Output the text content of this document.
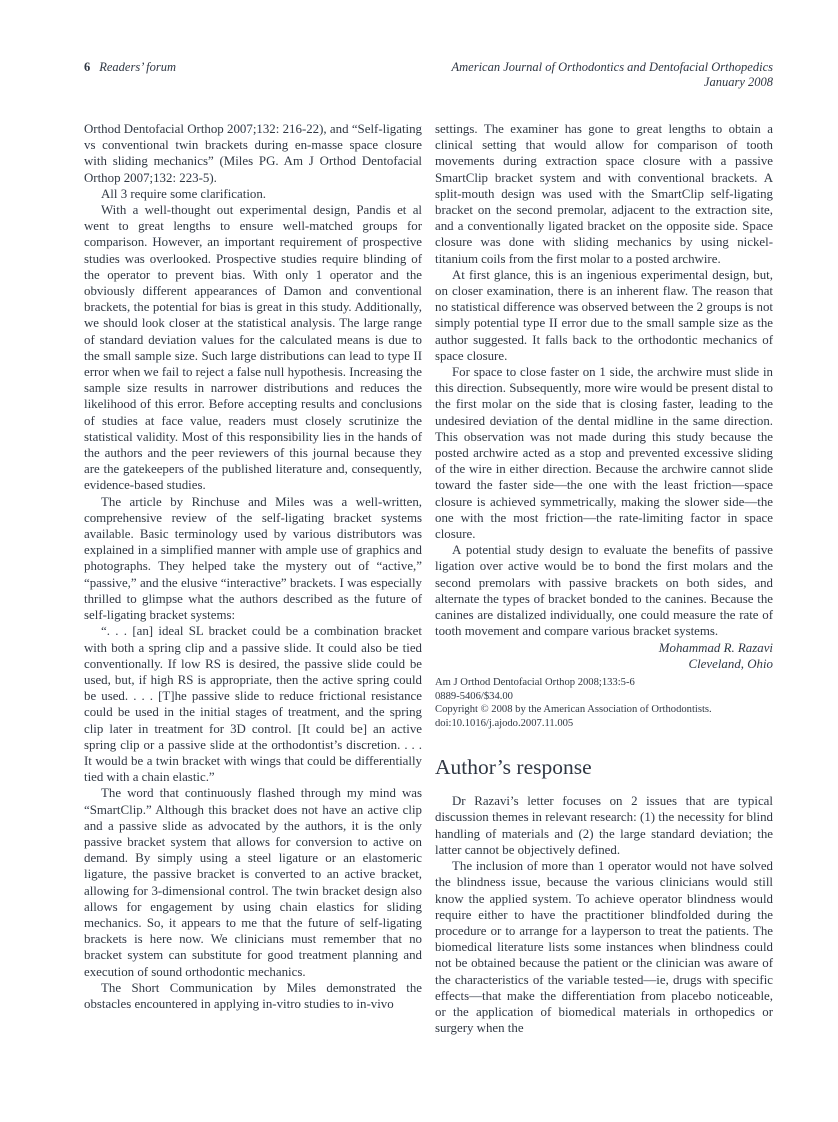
6 Readers’ forum	American Journal of Orthodontics and Dentofacial Orthopedics
January 2008

Orthod Dentofacial Orthop 2007;132: 216-22), and “Self-ligating vs conventional twin brackets during en-masse space closure with sliding mechanics” (Miles PG. Am J Orthod Dentofacial Orthop 2007;132: 223-5).

All 3 require some clarification.

With a well-thought out experimental design, Pandis et al went to great lengths to ensure well-matched groups for comparison. However, an important requirement of prospective studies was overlooked. Prospective studies require blinding of the operator to prevent bias. With only 1 operator and the obviously different appearances of Damon and conventional brackets, the potential for bias is great in this study. Additionally, we should look closer at the statistical analysis. The large range of standard deviation values for the calculated means is due to the small sample size. Such large distributions can lead to type II error when we fail to reject a false null hypothesis. Increasing the sample size results in narrower distributions and reduces the likelihood of this error. Before accepting results and conclusions of studies at face value, readers must closely scrutinize the statistical validity. Most of this responsibility lies in the hands of the authors and the peer reviewers of this journal because they are the gatekeepers of the published literature and, consequently, evidence-based studies.

The article by Rinchuse and Miles was a well-written, comprehensive review of the self-ligating bracket systems available. Basic terminology used by various distributors was explained in a simplified manner with ample use of graphics and photographs. They helped take the mystery out of “active,” “passive,” and the elusive “interactive” brackets. I was especially thrilled to glimpse what the authors described as the future of self-ligating bracket systems:

“. . . [an] ideal SL bracket could be a combination bracket with both a spring clip and a passive slide. It could also be tied conventionally. If low RS is desired, the passive slide could be used, but, if high RS is appropriate, then the active spring could be used. . . . [T]he passive slide to reduce frictional resistance could be used in the initial stages of treatment, and the spring clip later in treatment for 3D control. [It could be] an active spring clip or a passive slide at the orthodontist’s discretion. . . . It would be a twin bracket with wings that could be differentially tied with a chain elastic.”

The word that continuously flashed through my mind was “SmartClip.” Although this bracket does not have an active clip and a passive slide as advocated by the authors, it is the only passive bracket system that allows for conversion to active on demand. By simply using a steel ligature or an elastomeric ligature, the passive bracket is converted to an active bracket, allowing for 3-dimensional control. The twin bracket design also allows for engagement by using chain elastics for sliding mechanics. So, it appears to me that the future of self-ligating brackets is here now. We clinicians must remember that no bracket system can substitute for good treatment planning and execution of sound orthodontic mechanics.

The Short Communication by Miles demonstrated the obstacles encountered in applying in-vitro studies to in-vivo

settings. The examiner has gone to great lengths to obtain a clinical setting that would allow for comparison of tooth movements during extraction space closure with a passive SmartClip bracket system and with conventional brackets. A split-mouth design was used with the SmartClip self-ligating bracket on the second premolar, adjacent to the extraction site, and a conventionally ligated bracket on the opposite side. Space closure was done with sliding mechanics by using nickel-titanium coils from the first molar to a posted archwire.

At first glance, this is an ingenious experimental design, but, on closer examination, there is an inherent flaw. The reason that no statistical difference was observed between the 2 groups is not simply potential type II error due to the small sample size as the author suggested. It falls back to the orthodontic mechanics of space closure.

For space to close faster on 1 side, the archwire must slide in this direction. Subsequently, more wire would be present distal to the first molar on the side that is closing faster, leading to the undesired deviation of the dental midline in the same direction. This observation was not made during this study because the posted archwire acted as a stop and prevented excessive sliding of the wire in either direction. Because the archwire cannot slide toward the faster side—the one with the least friction—space closure is achieved symmetrically, making the slower side—the one with the most friction—the rate-limiting factor in space closure.

A potential study design to evaluate the benefits of passive ligation over active would be to bond the first molars and the second premolars with passive brackets on both sides, and alternate the types of bracket bonded to the canines. Because the canines are distalized individually, one could measure the rate of tooth movement and compare various bracket systems.

Mohammad R. Razavi
Cleveland, Ohio
Am J Orthod Dentofacial Orthop 2008;133:5-6
0889-5406/$34.00
Copyright © 2008 by the American Association of Orthodontists.
doi:10.1016/j.ajodo.2007.11.005
Author’s response

Dr Razavi’s letter focuses on 2 issues that are typical discussion themes in relevant research: (1) the necessity for blind handling of materials and (2) the large standard deviation; the latter cannot be objectively defined.

The inclusion of more than 1 operator would not have solved the blindness issue, because the various clinicians would still know the applied system. To achieve operator blindness would require either to have the practitioner blindfolded during the procedure or to arrange for a layperson to treat the patients. The biomedical literature lists some instances when blindness could not be obtained because the patient or the clinician was aware of the characteristics of the variable tested—ie, drugs with specific effects—that make the differentiation from placebo noticeable, or the application of biomedical materials in orthopedics or surgery when the
